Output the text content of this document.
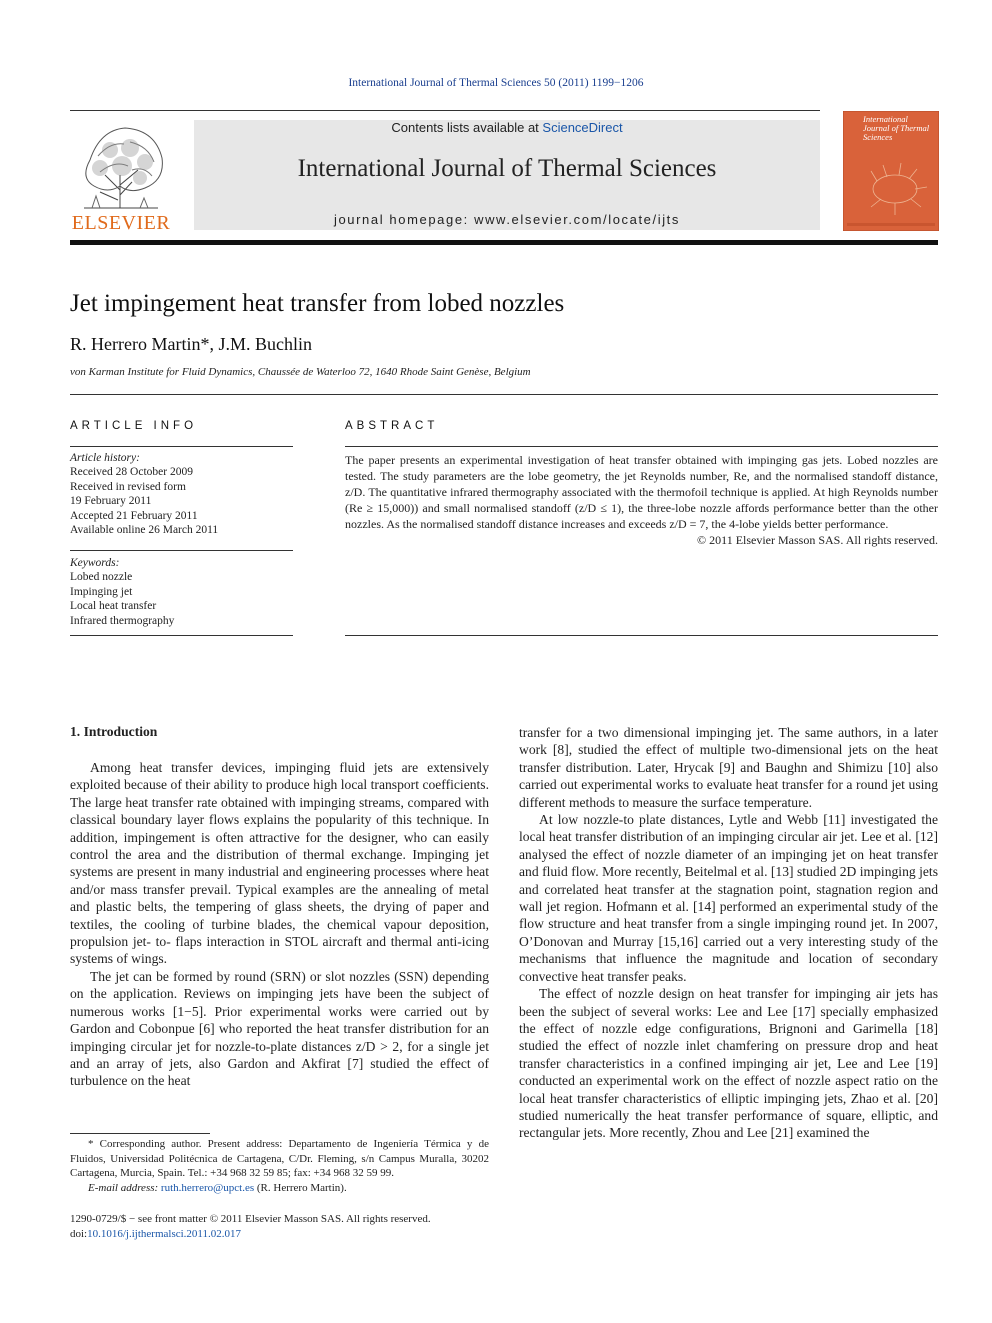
International Journal of Thermal Sciences 50 (2011) 1199−1206
ELSEVIER
Contents lists available at ScienceDirect
International Journal of Thermal Sciences
journal homepage: www.elsevier.com/locate/ijts
International Journal of Thermal Sciences
Jet impingement heat transfer from lobed nozzles
R. Herrero Martin*, J.M. Buchlin
von Karman Institute for Fluid Dynamics, Chaussée de Waterloo 72, 1640 Rhode Saint Genèse, Belgium
ARTICLE INFO
Article history:
Received 28 October 2009
Received in revised form
19 February 2011
Accepted 21 February 2011
Available online 26 March 2011
Keywords:
Lobed nozzle
Impinging jet
Local heat transfer
Infrared thermography
ABSTRACT
The paper presents an experimental investigation of heat transfer obtained with impinging gas jets. Lobed nozzles are tested. The study parameters are the lobe geometry, the jet Reynolds number, Re, and the normalised standoff distance, z/D. The quantitative infrared thermography associated with the thermofoil technique is applied. At high Reynolds number (Re ≥ 15,000)) and small normalised standoff (z/D ≤ 1), the three-lobe nozzle affords performance better than the other nozzles. As the normalised standoff distance increases and exceeds z/D = 7, the 4-lobe yields better performance.
© 2011 Elsevier Masson SAS. All rights reserved.
1. Introduction

Among heat transfer devices, impinging fluid jets are extensively exploited because of their ability to produce high local transport coefficients. The large heat transfer rate obtained with impinging streams, compared with classical boundary layer flows explains the popularity of this technique. In addition, impingement is often attractive for the designer, who can easily control the area and the distribution of thermal exchange. Impinging jet systems are present in many industrial and engineering processes where heat and/or mass transfer prevail. Typical examples are the annealing of metal and plastic belts, the tempering of glass sheets, the drying of paper and textiles, the cooling of turbine blades, the chemical vapour deposition, propulsion jet- to- flaps interaction in STOL aircraft and thermal anti-icing systems of wings.

The jet can be formed by round (SRN) or slot nozzles (SSN) depending on the application. Reviews on impinging jets have been the subject of numerous works [1−5]. Prior experimental works were carried out by Gardon and Cobonpue [6] who reported the heat transfer distribution for an impinging circular jet for nozzle-to-plate distances z/D > 2, for a single jet and an array of jets, also Gardon and Akfirat [7] studied the effect of turbulence on the heat

transfer for a two dimensional impinging jet. The same authors, in a later work [8], studied the effect of multiple two-dimensional jets on the heat transfer distribution. Later, Hrycak [9] and Baughn and Shimizu [10] also carried out experimental works to evaluate heat transfer for a round jet using different methods to measure the surface temperature.

At low nozzle-to plate distances, Lytle and Webb [11] investigated the local heat transfer distribution of an impinging circular air jet. Lee et al. [12] analysed the effect of nozzle diameter of an impinging jet on heat transfer and fluid flow. More recently, Beitelmal et al. [13] studied 2D impinging jets and correlated heat transfer at the stagnation point, stagnation region and wall jet region. Hofmann et al. [14] performed an experimental study of the flow structure and heat transfer from a single impinging round jet. In 2007, O’Donovan and Murray [15,16] carried out a very interesting study of the mechanisms that influence the magnitude and location of secondary convective heat transfer peaks.

The effect of nozzle design on heat transfer for impinging air jets has been the subject of several works: Lee and Lee [17] specially emphasized the effect of nozzle edge configurations, Brignoni and Garimella [18] studied the effect of nozzle inlet chamfering on pressure drop and heat transfer characteristics in a confined impinging air jet, Lee and Lee [19] conducted an experimental work on the effect of nozzle aspect ratio on the local heat transfer characteristics of elliptic impinging jets, Zhao et al. [20] studied numerically the heat transfer performance of square, elliptic, and rectangular jets. More recently, Zhou and Lee [21] examined the

* Corresponding author. Present address: Departamento de Ingeniería Térmica y de Fluidos, Universidad Politécnica de Cartagena, C/Dr. Fleming, s/n Campus Muralla, 30202 Cartagena, Murcia, Spain. Tel.: +34 968 32 59 85; fax: +34 968 32 59 99.
E-mail address: ruth.herrero@upct.es (R. Herrero Martin).
1290-0729/$ − see front matter © 2011 Elsevier Masson SAS. All rights reserved.
doi:10.1016/j.ijthermalsci.2011.02.017
